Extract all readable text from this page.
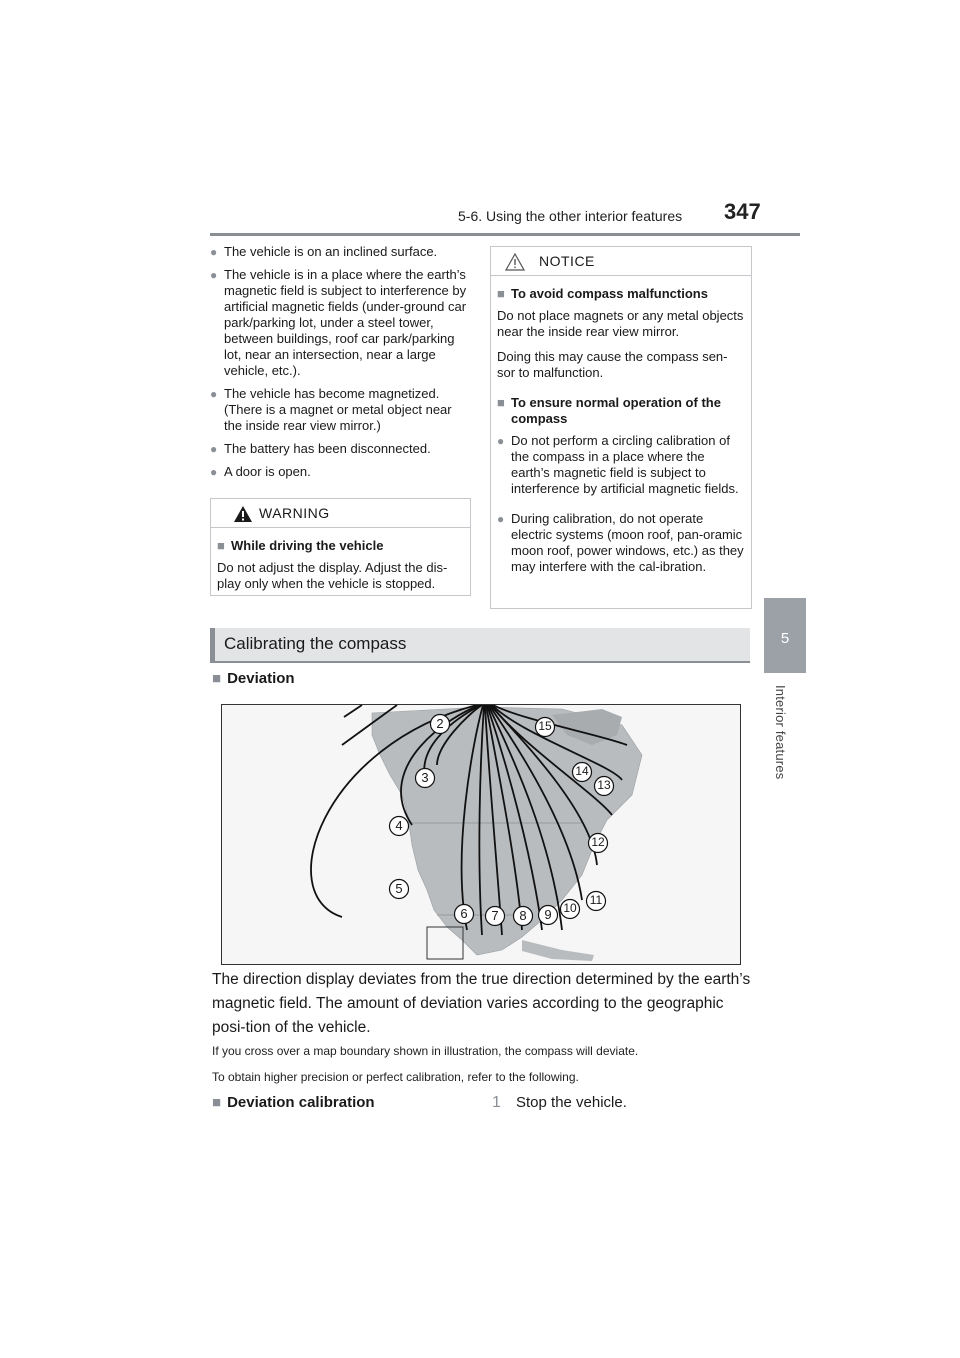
5-6. Using the other interior features 347
5
Interior features
● The vehicle is on an inclined surface.
● The vehicle is in a place where the earth’s magnetic field is subject to interference by artificial magnetic fields (under-ground car park/parking lot, under a steel tower, between buildings, roof car park/parking lot, near an intersection, near a large vehicle, etc.).
● The vehicle has become magnetized. (There is a magnet or metal object near the inside rear view mirror.)
● The battery has been disconnected.
● A door is open.
WARNING
■ While driving the vehicle
Do not adjust the display. Adjust the dis-play only when the vehicle is stopped.
NOTICE
■ To avoid compass malfunctions
Do not place magnets or any metal objects near the inside rear view mirror.
Doing this may cause the compass sen-sor to malfunction.
■ To ensure normal operation of the compass
● Do not perform a circling calibration of the compass in a place where the earth’s magnetic field is subject to interference by artificial magnetic fields.
● During calibration, do not operate electric systems (moon roof, pan-oramic moon roof, power windows, etc.) as they may interfere with the cal-ibration.
Calibrating the compass
■ Deviation
2
3
4
5
6	7	8	9 10
11
12
13
14
15
The direction display deviates from the true direction determined by the earth’s magnetic field. The amount of deviation varies according to the geographic posi-tion of the vehicle.
If you cross over a map boundary shown in illustration, the compass will deviate.
To obtain higher precision or perfect calibration, refer to the following.
■ Deviation calibration	1 Stop the vehicle.
